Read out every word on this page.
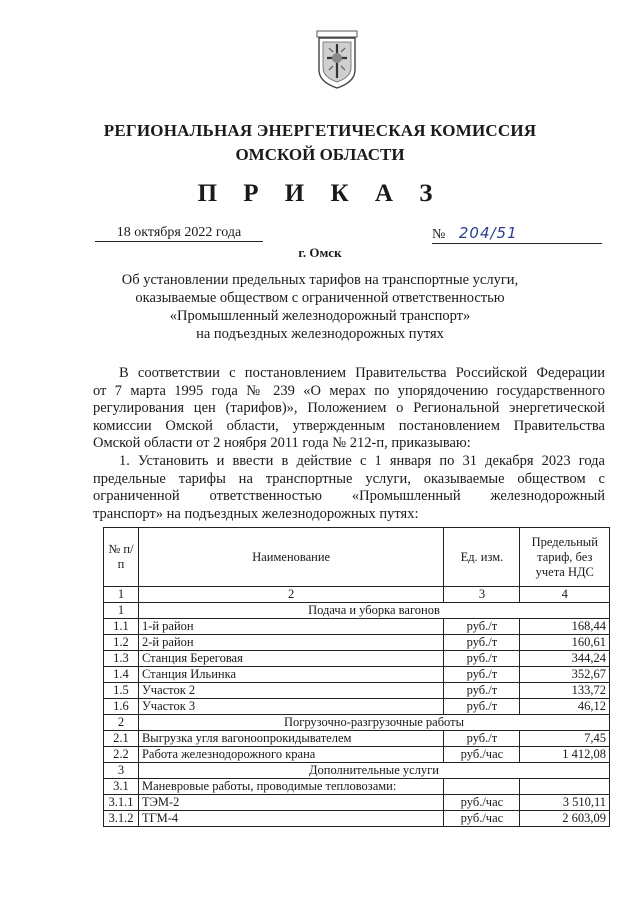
РЕГИОНАЛЬНАЯ ЭНЕРГЕТИЧЕСКАЯ КОМИССИЯ
ОМСКОЙ ОБЛАСТИ
П Р И К А З
18 октября 2022 года	№ 204/51
г. Омск
Об установлении предельных тарифов на транспортные услуги,
оказываемые обществом с ограниченной ответственностью
«Промышленный железнодорожный транспорт»
на подъездных железнодорожных путях
В соответствии с постановлением Правительства Российской Федерации
от 7 марта 1995 года № 239 «О мерах по упорядочению государственного
регулирования цен (тарифов)», Положением о Региональной энергетической
комиссии Омской области, утвержденным постановлением Правительства
Омской области от 2 ноября 2011 года № 212-п, приказываю:
1. Установить и ввести в действие с 1 января по 31 декабря 2023 года
предельные тарифы на транспортные услуги, оказываемые обществом с
ограниченной ответственностью «Промышленный железнодорожный
транспорт» на подъездных железнодорожных путях:
№ п/п	Наименование	Ед. изм.	Предельный тариф, без учета НДС
1	2	3	4
1	Подача и уборка вагонов		
1.1	1-й район	руб./т	168,44
1.2	2-й район	руб./т	160,61
1.3	Станция Береговая	руб./т	344,24
1.4	Станция Ильинка	руб./т	352,67
1.5	Участок 2	руб./т	133,72
1.6	Участок 3	руб./т	46,12
2	Погрузочно-разгрузочные работы		
2.1	Выгрузка угля вагоноопрокидывателем	руб./т	7,45
2.2	Работа железнодорожного крана	руб./час	1 412,08
3	Дополнительные услуги		
3.1	Маневровые работы, проводимые тепловозами:		
3.1.1	ТЭМ-2	руб./час	3 510,11
3.1.2	ТГМ-4	руб./час	2 603,09
